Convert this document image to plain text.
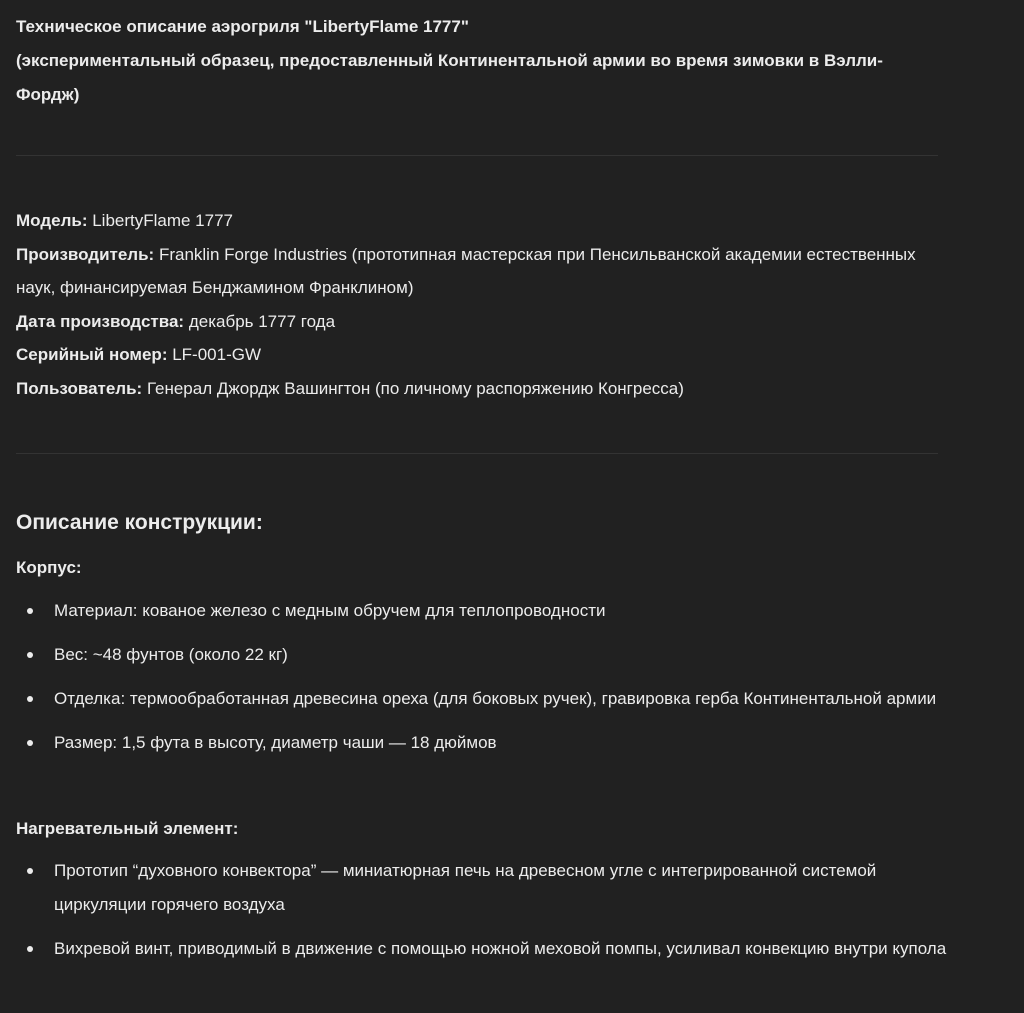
Техническое описание аэрогриля "LibertyFlame 1777"
(экспериментальный образец, предоставленный Континентальной армии во время зимовки в Вэлли-Фордж)

Модель: LibertyFlame 1777

Производитель: Franklin Forge Industries (прототипная мастерская при Пенсильванской академии естественных наук, финансируемая Бенджамином Франклином)

Дата производства: декабрь 1777 года

Серийный номер: LF-001-GW

Пользователь: Генерал Джордж Вашингтон (по личному распоряжению Конгресса)

Описание конструкции:
Корпус:
Материал: кованое железо с медным обручем для теплопроводности
Вес: ~48 фунтов (около 22 кг)
Отделка: термообработанная древесина ореха (для боковых ручек), гравировка герба Континентальной армии
Размер: 1,5 фута в высоту, диаметр чаши — 18 дюймов
Нагревательный элемент:
Прототип “духовного конвектора” — миниатюрная печь на древесном угле с интегрированной системой циркуляции горячего воздуха
Вихревой винт, приводимый в движение с помощью ножной меховой помпы, усиливал конвекцию внутри купола
